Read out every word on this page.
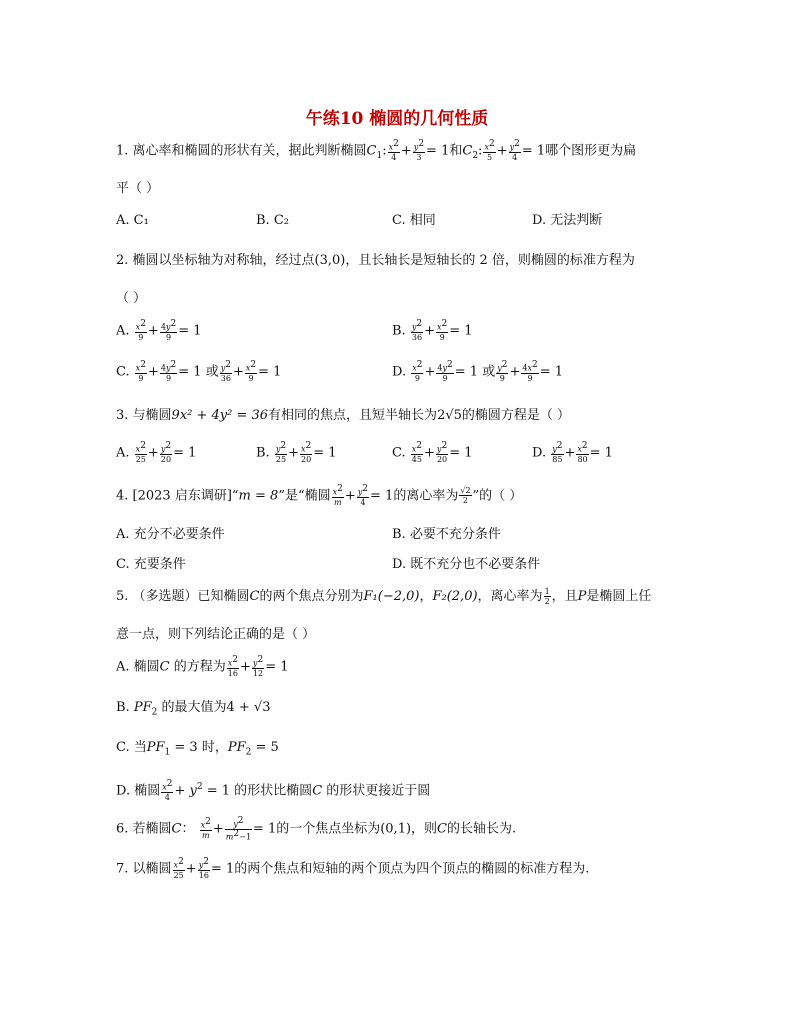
午练10 椭圆的几何性质
1. 离心率和椭圆的形状有关，据此判断椭圆$C_1$: $\frac{x^2}{4} + \frac{y^2}{3} = 1$和$C_2$: $\frac{x^2}{5} + \frac{y^2}{4} = 1$哪个图形更为扁
平（ ）
A. C₁	B. C₂	C. 相同	D. 无法判断
2. 椭圆以坐标轴为对称轴，经过点(3,0)，且长轴长是短轴长的 2 倍，则椭圆的标准方程为
（ ）
A. $\frac{x^2}{9} + \frac{4y^2}{9} = 1$	B. $\frac{y^2}{36} + \frac{x^2}{9} = 1$
C. $\frac{x^2}{9} + \frac{4y^2}{9} = 1$ 或 $\frac{y^2}{36} + \frac{x^2}{9} = 1$	D. $\frac{x^2}{9} + \frac{4y^2}{9} = 1$ 或 $\frac{y^2}{9} + \frac{4x^2}{9} = 1$
3. 与椭圆9x² + 4y² = 36有相同的焦点，且短半轴长为2√5的椭圆方程是（ ）
A. $\frac{x^2}{25} + \frac{y^2}{20} = 1$	B. $\frac{y^2}{25} + \frac{x^2}{20} = 1$	C. $\frac{x^2}{45} + \frac{y^2}{20} = 1$	D. $\frac{y^2}{85} + \frac{x^2}{80} = 1$
4. [2023 启东调研]“m = 8”是“椭圆 $\frac{x^2}{m} + \frac{y^2}{4} = 1$的离心率为 $\frac{√2}{2}$ ”的（ ）
A. 充分不必要条件	B. 必要不充分条件
C. 充要条件	D. 既不充分也不必要条件
5. （多选题）已知椭圆C的两个焦点分别为F₁(−2,0)，F₂(2,0)，离心率为 $\frac{1}{2}$ ，且P是椭圆上任
意一点，则下列结论正确的是（ ）
A. 椭圆C 的方程为 $\frac{x^2}{16} + \frac{y^2}{12} = 1$
B. $PF_2$ 的最大值为4 + √3
C. 当$PF_1 = 3$ 时，$PF_2 = 5$
D. 椭圆 $\frac{x^2}{4} + y^2 = 1$ 的形状比椭圆C 的形状更接近于圆
6. 若椭圆C： $\frac{x^2}{m} + \frac{y^2}{m^2-1} = 1$的一个焦点坐标为(0,1)，则C的长轴长为.
7. 以椭圆 $\frac{x^2}{25} + \frac{y^2}{16} = 1$的两个焦点和短轴的两个顶点为四个顶点的椭圆的标准方程为.
